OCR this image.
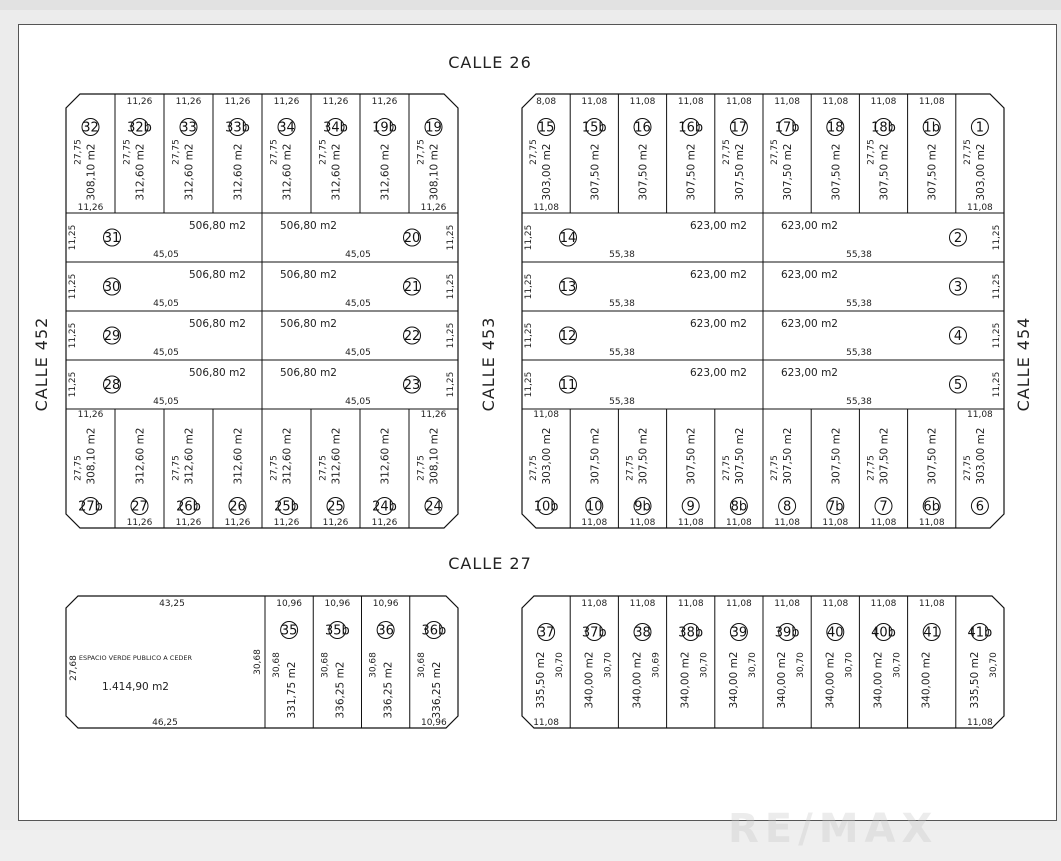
CALLE 26
CALLE 27
CALLE 452	CALLE 453	CALLE 454
32
308,10 m2
27,75
11,26
32b
312,60 m2
27,75
11,26
33
312,60 m2
27,75
11,26
33b
312,60 m2
11,26
34
312,60 m2
27,75
11,26
34b
312,60 m2
27,75
11,26
19b
312,60 m2
11,26
19
308,10 m2
27,75
11,26
31	20
506,80 m2	506,80 m2
45,05	45,05
11,25	11,25
30	21
506,80 m2	506,80 m2
45,05	45,05
11,25	11,25
29	22
506,80 m2	506,80 m2
45,05	45,05
11,25	11,25
28	23
506,80 m2	506,80 m2
45,05	45,05
11,25	11,25
27b
308,10 m2
27,75
11,26
27
312,60 m2
11,26
26b
312,60 m2
27,75
11,26
26
312,60 m2
11,26
25b
312,60 m2
27,75
11,26
25
312,60 m2
27,75
11,26
24b
312,60 m2
11,26
24
308,10 m2
27,75
11,26
15
303,00 m2
27,75
8,08
11,08
15b
307,50 m2
11,08
16
307,50 m2
11,08
16b
307,50 m2
11,08
17
307,50 m2
27,75
11,08
17b
307,50 m2
27,75
11,08
18
307,50 m2
11,08
18b
307,50 m2
27,75
11,08
1b
307,50 m2
11,08
1
303,00 m2
27,75
11,08
14	2
623,00 m2	623,00 m2
55,38	55,38
11,25	11,25
13	3
623,00 m2	623,00 m2
55,38	55,38
11,25	11,25
12	4
623,00 m2	623,00 m2
55,38	55,38
11,25	11,25
11	5
623,00 m2	623,00 m2
55,38	55,38
11,25	11,25
10b
303,00 m2
27,75
11,08
10
307,50 m2
11,08
9b
307,50 m2
27,75
11,08
9
307,50 m2
11,08
8b
307,50 m2
27,75
11,08
8
307,50 m2
27,75
11,08
7b
307,50 m2
11,08
7
307,50 m2
27,75
11,08
6b
307,50 m2
11,08
6
303,00 m2
27,75
11,08
ESPACIO VERDE PUBLICO A CEDER
1.414,90 m2
43,25
46,25
27,68	30,68
35
331,75 m2
30,68
10,96
35b
336,25 m2
30,68
10,96
36
336,25 m2
30,68
10,96
36b
336,25 m2
30,68
10,96
37
335,50 m2 30,70
11,08
37b
340,00 m2 30,70
11,08
38
340,00 m2 30,69
11,08
38b
340,00 m2 30,70
11,08
39
340,00 m2 30,70
11,08
39b
340,00 m2 30,70
11,08
40
340,00 m2 30,70
11,08
40b
340,00 m2 30,70
11,08
41
340,00 m2
11,08
41b
335,50 m2 30,70
11,08
RE/MAX
